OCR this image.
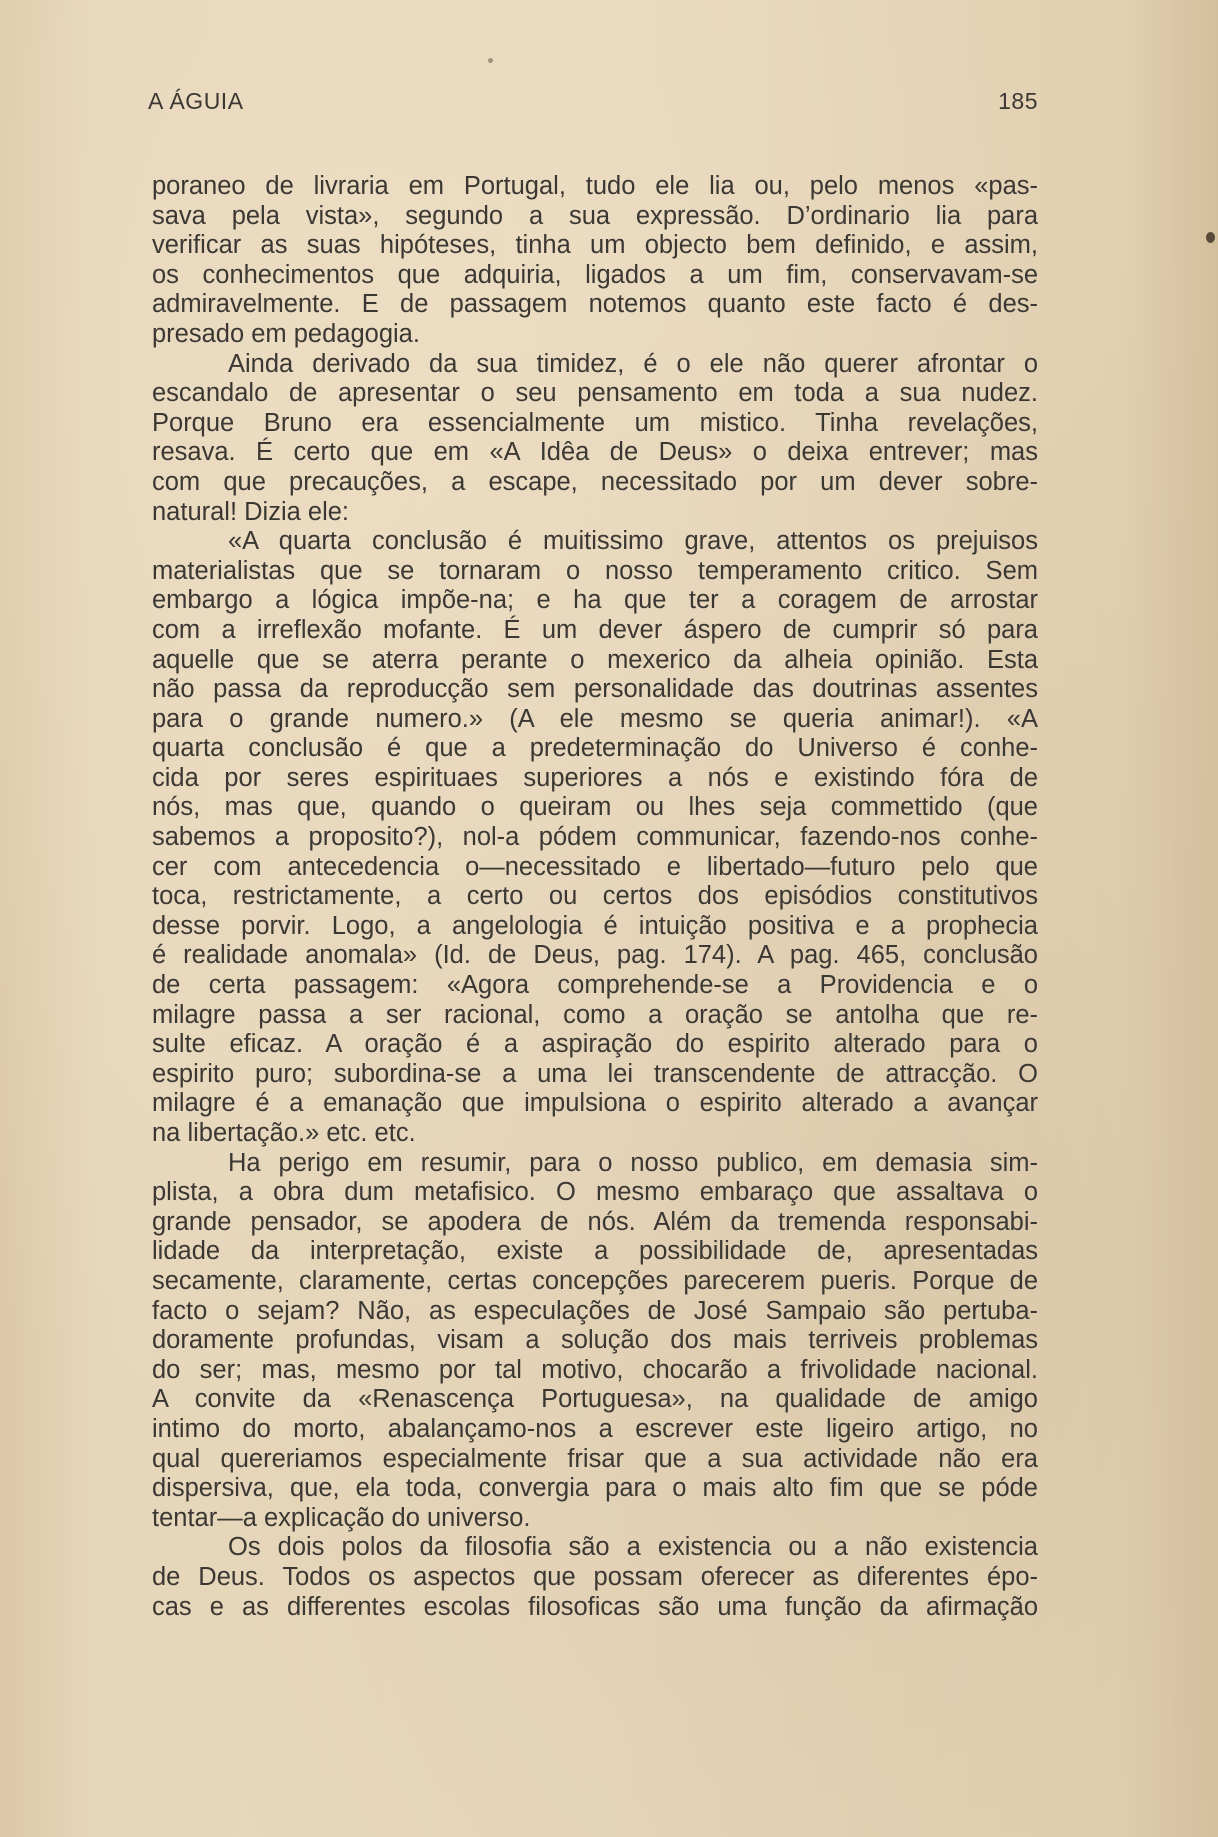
A ÁGUIA	185
poraneo de livraria em Portugal, tudo ele lia ou, pelo menos «pas-
sava pela vista», segundo a sua expressão. D’ordinario lia para
verificar as suas hipóteses, tinha um objecto bem definido, e assim,
os conhecimentos que adquiria, ligados a um fim, conservavam-se
admiravelmente. E de passagem notemos quanto este facto é des-
presado em pedagogia.
Ainda derivado da sua timidez, é o ele não querer afrontar o
escandalo de apresentar o seu pensamento em toda a sua nudez.
Porque Bruno era essencialmente um mistico. Tinha revelações,
resava. É certo que em «A Idêa de Deus» o deixa entrever; mas
com que precauções, a escape, necessitado por um dever sobre-
natural! Dizia ele:
«A quarta conclusão é muitissimo grave, attentos os prejuisos
materialistas que se tornaram o nosso temperamento critico. Sem
embargo a lógica impõe-na; e ha que ter a coragem de arrostar
com a irreflexão mofante. É um dever áspero de cumprir só para
aquelle que se aterra perante o mexerico da alheia opinião. Esta
não passa da reproducção sem personalidade das doutrinas assentes
para o grande numero.» (A ele mesmo se queria animar!). «A
quarta conclusão é que a predeterminação do Universo é conhe-
cida por seres espirituaes superiores a nós e existindo fóra de
nós, mas que, quando o queiram ou lhes seja commettido (que
sabemos a proposito?), nol-a pódem communicar, fazendo-nos conhe-
cer com antecedencia o—necessitado e libertado—futuro pelo que
toca, restrictamente, a certo ou certos dos episódios constitutivos
desse porvir. Logo, a angelologia é intuição positiva e a prophecia
é realidade anomala» (Id. de Deus, pag. 174). A pag. 465, conclusão
de certa passagem: «Agora comprehende-se a Providencia e o
milagre passa a ser racional, como a oração se antolha que re-
sulte eficaz. A oração é a aspiração do espirito alterado para o
espirito puro; subordina-se a uma lei transcendente de attracção. O
milagre é a emanação que impulsiona o espirito alterado a avançar
na libertação.» etc. etc.
Ha perigo em resumir, para o nosso publico, em demasia sim-
plista, a obra dum metafisico. O mesmo embaraço que assaltava o
grande pensador, se apodera de nós. Além da tremenda responsabi-
lidade da interpretação, existe a possibilidade de, apresentadas
secamente, claramente, certas concepções parecerem pueris. Porque de
facto o sejam? Não, as especulações de José Sampaio são pertuba-
doramente profundas, visam a solução dos mais terriveis problemas
do ser; mas, mesmo por tal motivo, chocarão a frivolidade nacional.
A convite da «Renascença Portuguesa», na qualidade de amigo
intimo do morto, abalançamo-nos a escrever este ligeiro artigo, no
qual quereriamos especialmente frisar que a sua actividade não era
dispersiva, que, ela toda, convergia para o mais alto fim que se póde
tentar—a explicação do universo.
Os dois polos da filosofia são a existencia ou a não existencia
de Deus. Todos os aspectos que possam oferecer as diferentes épo-
cas e as differentes escolas filosoficas são uma função da afirmação
